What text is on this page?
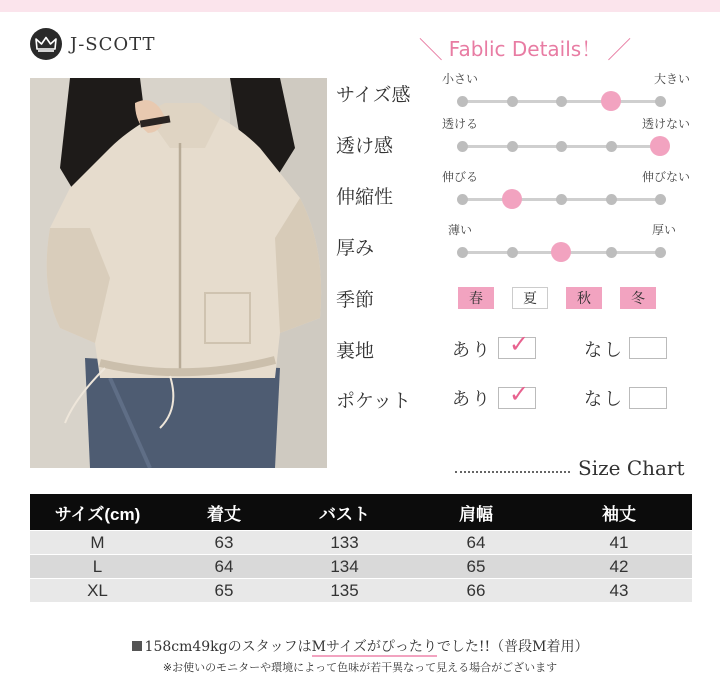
J-SCOTT	＼ Fablic Details！ ／
サイズ感
小さい	大きい
透け感
透ける	透けない
伸縮性
伸びる	伸びない
厚み
薄い	厚い
季節	春	夏	秋	冬
裏地	あり ✓	なし
ポケット あり ✓	なし
Size Chart
サイズ(cm)	着丈	バスト	肩幅	袖丈
M	63	133	64	41
L	64	134	65	42
XL	65	135	66	43
158cm49kgのスタッフはMサイズがぴったりでした!!（普段M着用）
※お使いのモニターや環境によって色味が若干異なって見える場合がございます
